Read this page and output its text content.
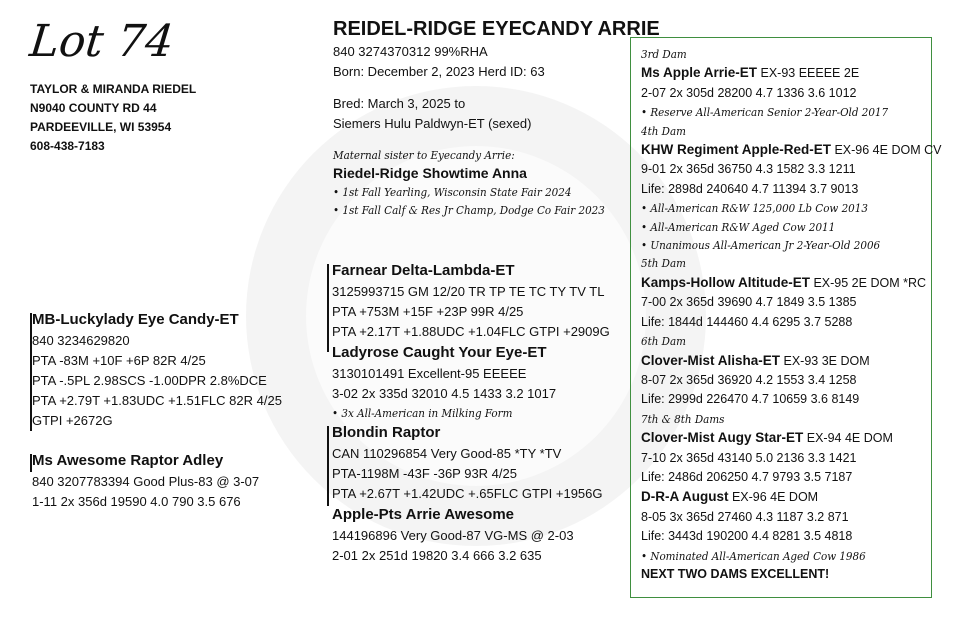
Lot 74
TAYLOR & MIRANDA RIEDEL
N9040 COUNTY RD 44
PARDEEVILLE, WI 53954
608-438-7183
REIDEL-RIDGE EYECANDY ARRIE
840 3274370312 99%RHA
Born: December 2, 2023 Herd ID: 63
Bred: March 3, 2025 to
Siemers Hulu Paldwyn-ET (sexed)
Maternal sister to Eyecandy Arrie:
Riedel-Ridge Showtime Anna
• 1st Fall Yearling, Wisconsin State Fair 2024
• 1st Fall Calf & Res Jr Champ, Dodge Co Fair 2023
MB-Luckylady Eye Candy-ET
840 3234629820
PTA -83M +10F +6P 82R 4/25
PTA -.5PL 2.98SCS -1.00DPR 2.8%DCE
PTA +2.79T +1.83UDC +1.51FLC 82R 4/25
GTPI +2672G
Ms Awesome Raptor Adley
840 3207783394 Good Plus-83 @ 3-07
1-11 2x 356d 19590 4.0 790 3.5 676
Farnear Delta-Lambda-ET
3125993715 GM 12/20 TR TP TE TC TY TV TL
PTA +753M +15F +23P 99R 4/25
PTA +2.17T +1.88UDC +1.04FLC GTPI +2909G
Ladyrose Caught Your Eye-ET
3130101491 Excellent-95 EEEEE
3-02 2x 335d 32010 4.5 1433 3.2 1017
• 3x All-American in Milking Form
Blondin Raptor
CAN 110296854 Very Good-85 *TY *TV
PTA-1198M -43F -36P 93R 4/25
PTA +2.67T +1.42UDC +.65FLC GTPI +1956G
Apple-Pts Arrie Awesome
144196896 Very Good-87 VG-MS @ 2-03
2-01 2x 251d 19820 3.4 666 3.2 635
3rd Dam
Ms Apple Arrie-ET EX-93 EEEEE 2E
2-07 2x 305d 28200 4.7 1336 3.6 1012
• Reserve All-American Senior 2-Year-Old 2017
4th Dam
KHW Regiment Apple-Red-ET EX-96 4E DOM CV
9-01 2x 365d 36750 4.3 1582 3.3 1211
Life: 2898d 240640 4.7 11394 3.7 9013
• All-American R&W 125,000 Lb Cow 2013
• All-American R&W Aged Cow 2011
• Unanimous All-American Jr 2-Year-Old 2006
5th Dam
Kamps-Hollow Altitude-ET EX-95 2E DOM *RC
7-00 2x 365d 39690 4.7 1849 3.5 1385
Life: 1844d 144460 4.4 6295 3.7 5288
6th Dam
Clover-Mist Alisha-ET EX-93 3E DOM
8-07 2x 365d 36920 4.2 1553 3.4 1258
Life: 2999d 226470 4.7 10659 3.6 8149
7th & 8th Dams
Clover-Mist Augy Star-ET EX-94 4E DOM
7-10 2x 365d 43140 5.0 2136 3.3 1421
Life: 2486d 206250 4.7 9793 3.5 7187
D-R-A August EX-96 4E DOM
8-05 3x 365d 27460 4.3 1187 3.2 871
Life: 3443d 190200 4.4 8281 3.5 4818
• Nominated All-American Aged Cow 1986
NEXT TWO DAMS EXCELLENT!
